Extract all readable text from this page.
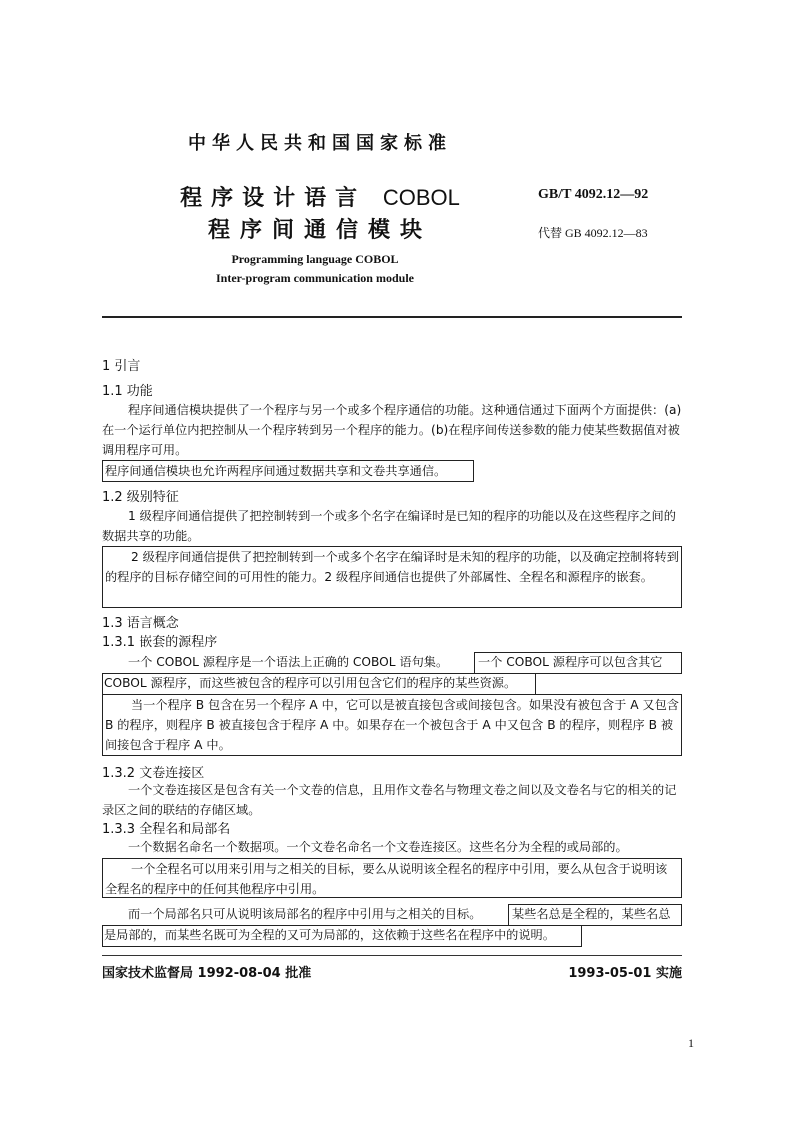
中华人民共和国国家标准
程序设计语言 COBOL
程序间通信模块
GB/T 4092.12—92
代替 GB 4092.12—83
Programming language COBOL
Inter-program communication module
1 引言
1.1 功能
程序间通信模块提供了一个程序与另一个或多个程序通信的功能。这种通信通过下面两个方面提供：(a)在一个运行单位内把控制从一个程序转到另一个程序的能力。(b)在程序间传送参数的能力使某些数据值对被调用程序可用。
程序间通信模块也允许两程序间通过数据共享和文卷共享通信。
1.2 级别特征
1 级程序间通信提供了把控制转到一个或多个名字在编译时是已知的程序的功能以及在这些程序之间的数据共享的功能。
2 级程序间通信提供了把控制转到一个或多个名字在编译时是未知的程序的功能，以及确定控制将转到的程序的目标存储空间的可用性的能力。2 级程序间通信也提供了外部属性、全程名和源程序的嵌套。
1.3 语言概念
1.3.1 嵌套的源程序
一个 COBOL 源程序是一个语法上正确的 COBOL 语句集。	一个 COBOL 源程序可以包含其它
COBOL 源程序，而这些被包含的程序可以引用包含它们的程序的某些资源。
当一个程序 B 包含在另一个程序 A 中，它可以是被直接包含或间接包含。如果没有被包含于 A 又包含 B 的程序，则程序 B 被直接包含于程序 A 中。如果存在一个被包含于 A 中又包含 B 的程序，则程序 B 被间接包含于程序 A 中。
1.3.2 文卷连接区
一个文卷连接区是包含有关一个文卷的信息，且用作文卷名与物理文卷之间以及文卷名与它的相关的记录区之间的联结的存储区域。
1.3.3 全程名和局部名
一个数据名命名一个数据项。一个文卷名命名一个文卷连接区。这些名分为全程的或局部的。
一个全程名可以用来引用与之相关的目标，要么从说明该全程名的程序中引用，要么从包含于说明该全程名的程序中的任何其他程序中引用。
而一个局部名只可从说明该局部名的程序中引用与之相关的目标。	某些名总是全程的，某些名总
是局部的，而某些名既可为全程的又可为局部的，这依赖于这些名在程序中的说明。
国家技术监督局 1992-08-04 批准	1993-05-01 实施
1
